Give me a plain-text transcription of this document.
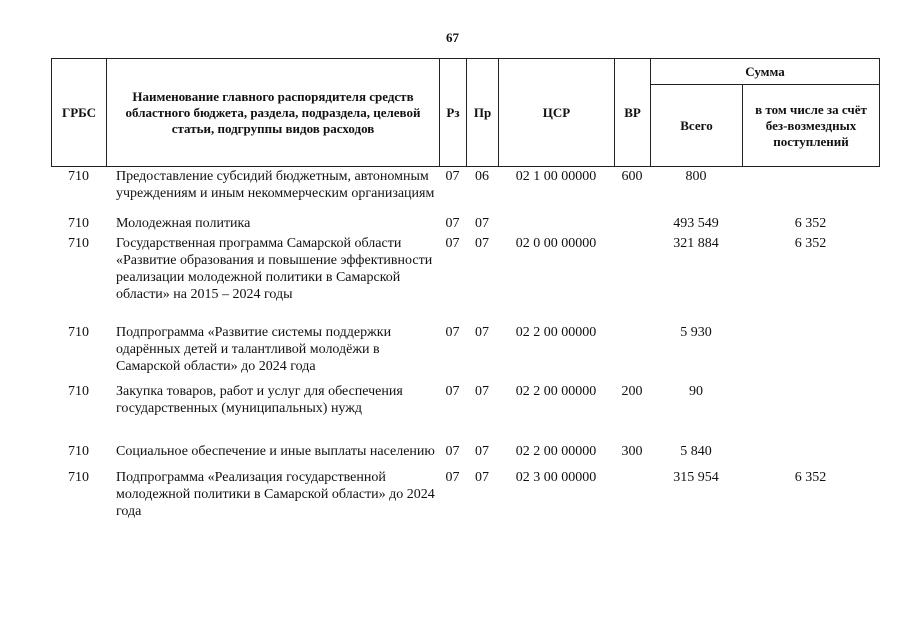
67
ГРБС	Наименование главного распорядителя средств областного бюджета, раздела, подраздела, целевой статьи, подгруппы видов расходов	Рз	Пр	ЦСР	ВР	Сумма	
						Всего	в том числе за счёт без-возмездных поступлений
710	Предоставление субсидий бюджетным, автономным учреждениям и иным некоммерческим организациям	07	06	02 1 00 00000	600	800	

710	Молодежная политика	07	07			493 549	6 352
710	Государственная программа Самарской области «Развитие образования и повышение эффективности реализации молодежной политики в Самарской области» на 2015 – 2024 годы	07	07	02 0 00 00000		321 884	6 352

710	Подпрограмма «Развитие системы поддержки одарённых детей и талантливой молодёжи в Самарской области» до 2024 года	07	07	02 2 00 00000		5 930	

710	Закупка товаров, работ и услуг для обеспечения государственных (муниципальных) нужд	07	07	02 2 00 00000	200	90	

710	Социальное обеспечение и иные выплаты населению	07	07	02 2 00 00000	300	5 840	

710	Подпрограмма «Реализация государственной молодежной политики в Самарской области» до 2024 года	07	07	02 3 00 00000		315 954	6 352
